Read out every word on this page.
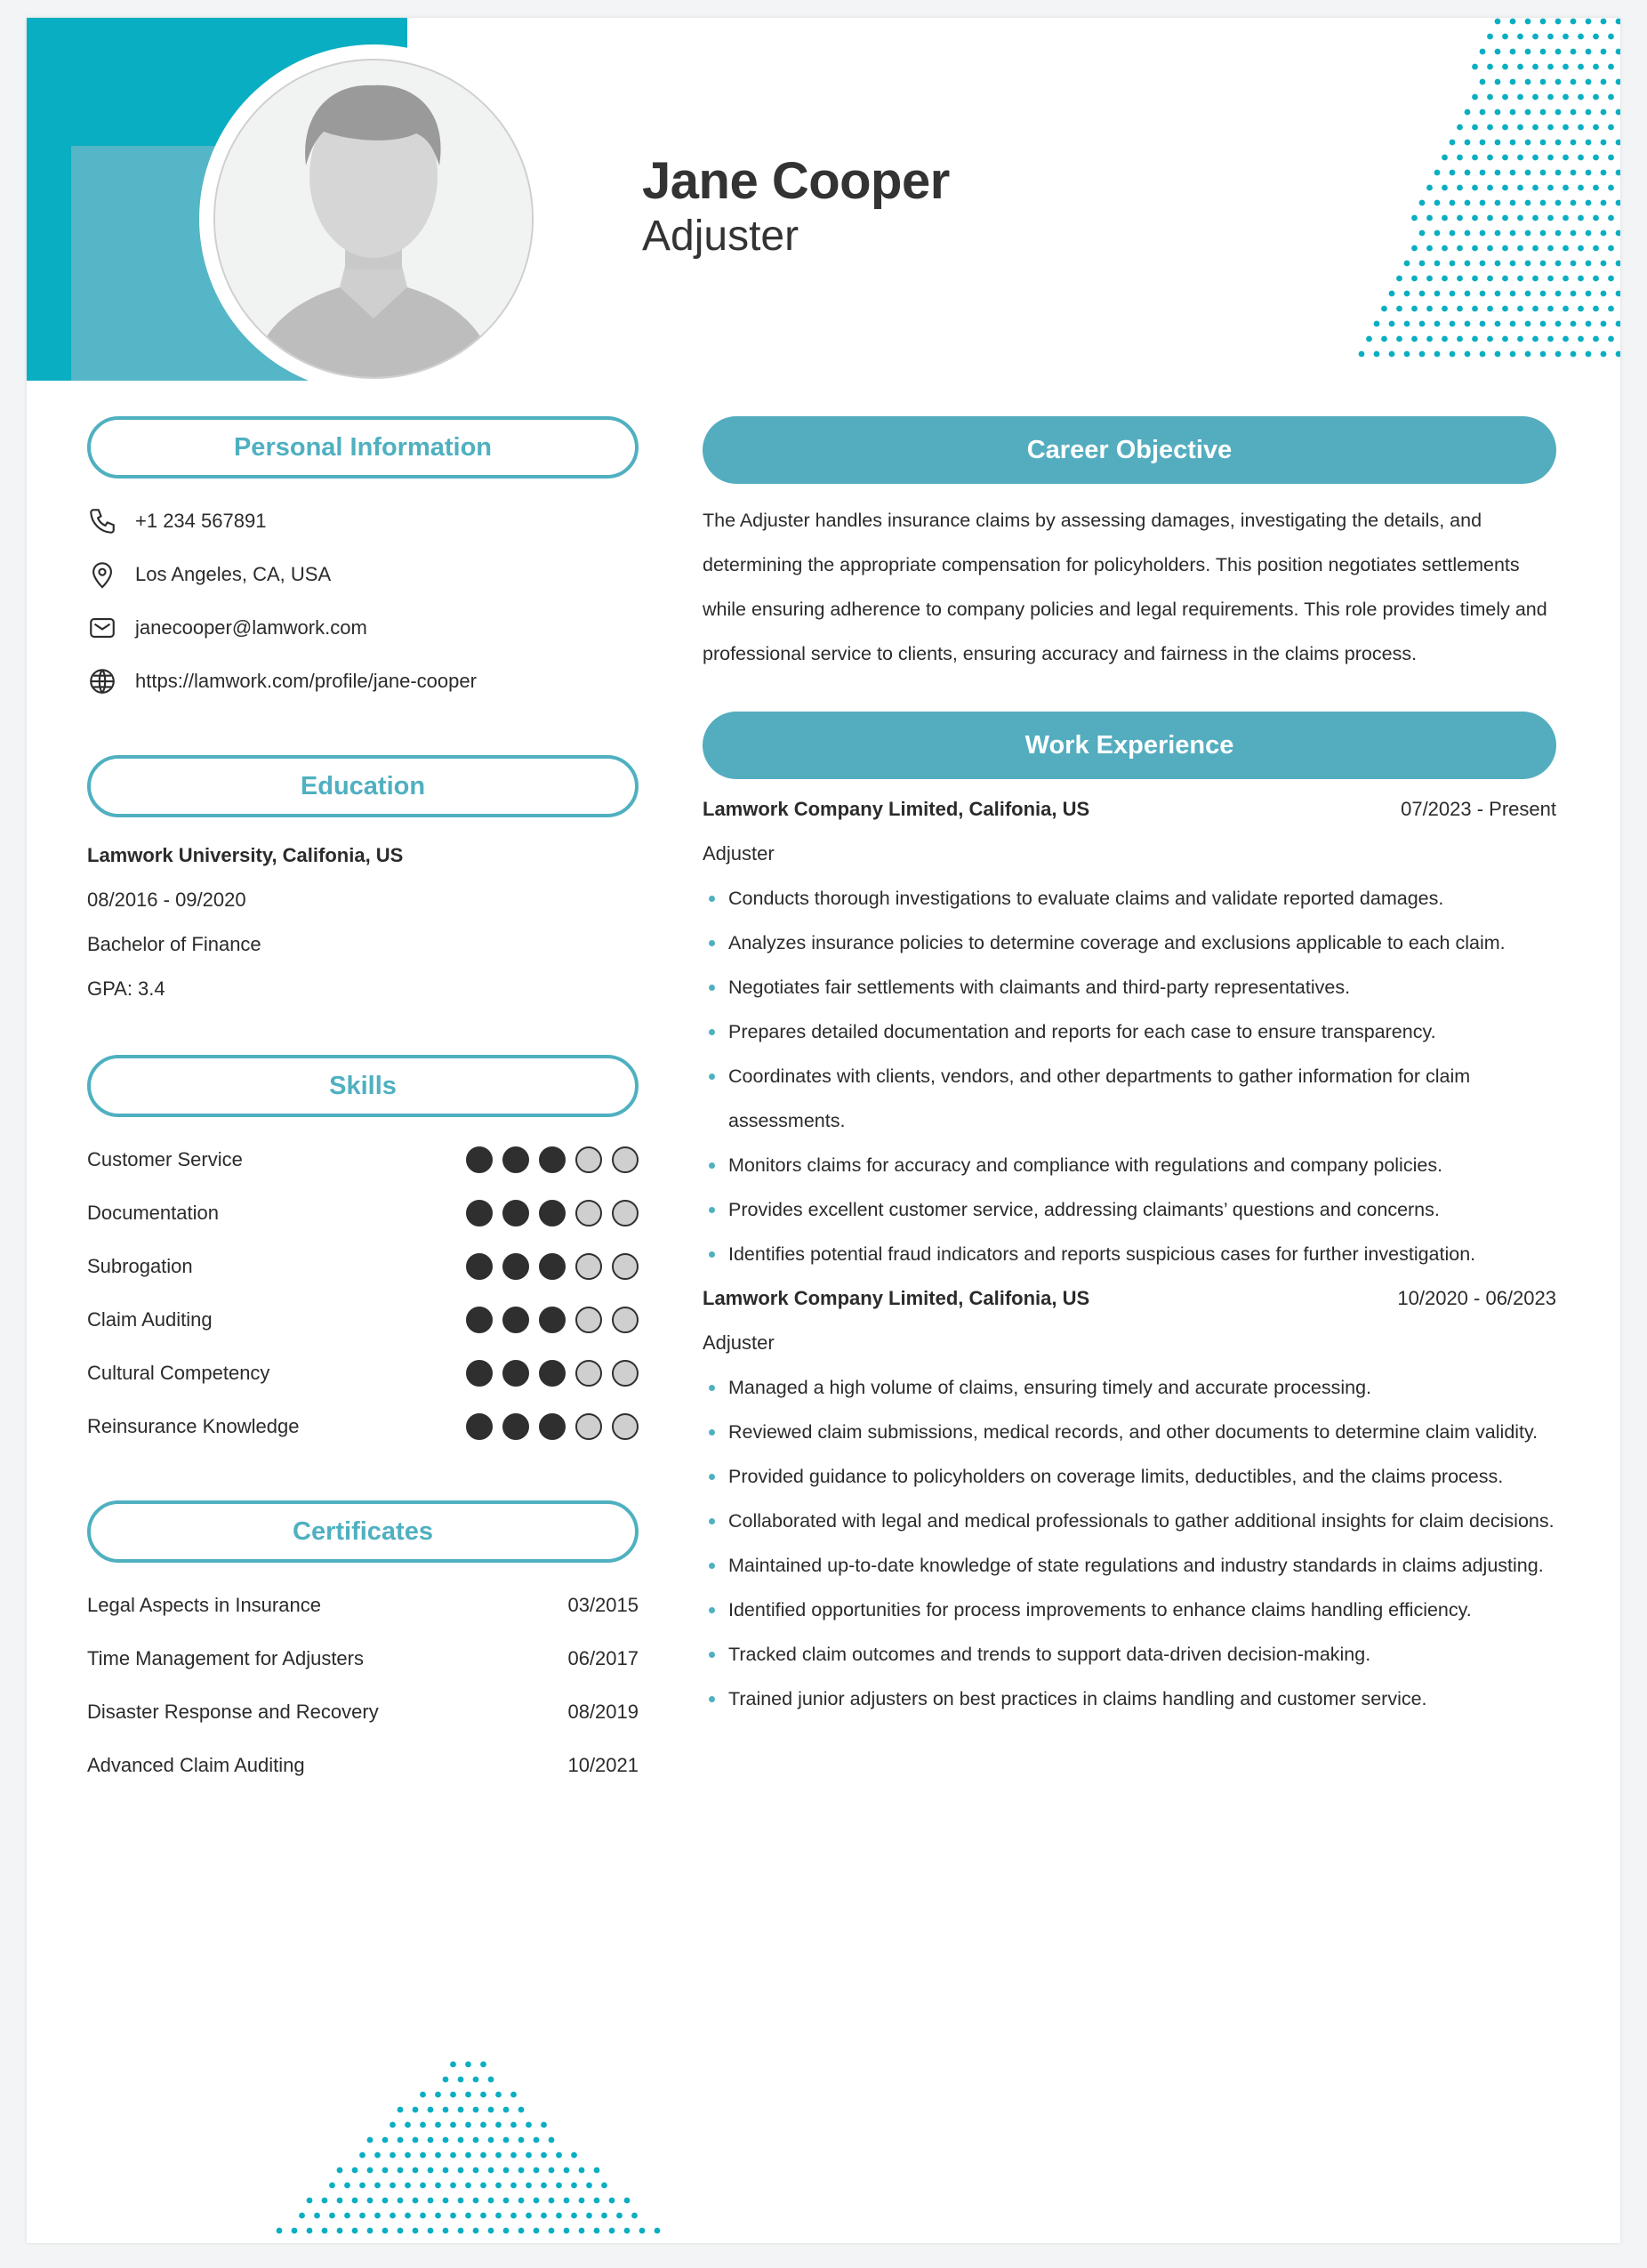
Jane Cooper
Adjuster
Personal Information
+1 234 567891
Los Angeles, CA, USA
janecooper@lamwork.com
https://lamwork.com/profile/jane-cooper
Education
Lamwork University, Califonia, US
08/2016 - 09/2020
Bachelor of Finance
GPA: 3.4
Skills
Customer Service
Documentation
Subrogation
Claim Auditing
Cultural Competency
Reinsurance Knowledge
Certificates
Legal Aspects in Insurance	03/2015
Time Management for Adjusters	06/2017
Disaster Response and Recovery	08/2019
Advanced Claim Auditing	10/2021
Career Objective

The Adjuster handles insurance claims by assessing damages, investigating the details, and determining the appropriate compensation for policyholders. This position negotiates settlements while ensuring adherence to company policies and legal requirements. This role provides timely and professional service to clients, ensuring accuracy and fairness in the claims process.

Work Experience
Lamwork Company Limited, Califonia, US	07/2023 - Present
Adjuster
Conducts thorough investigations to evaluate claims and validate reported damages.
Analyzes insurance policies to determine coverage and exclusions applicable to each claim.
Negotiates fair settlements with claimants and third-party representatives.
Prepares detailed documentation and reports for each case to ensure transparency.
Coordinates with clients, vendors, and other departments to gather information for claim assessments.
Monitors claims for accuracy and compliance with regulations and company policies.
Provides excellent customer service, addressing claimants’ questions and concerns.
Identifies potential fraud indicators and reports suspicious cases for further investigation.
Lamwork Company Limited, Califonia, US	10/2020 - 06/2023
Adjuster
Managed a high volume of claims, ensuring timely and accurate processing.
Reviewed claim submissions, medical records, and other documents to determine claim validity.
Provided guidance to policyholders on coverage limits, deductibles, and the claims process.
Collaborated with legal and medical professionals to gather additional insights for claim decisions.
Maintained up-to-date knowledge of state regulations and industry standards in claims adjusting.
Identified opportunities for process improvements to enhance claims handling efficiency.
Tracked claim outcomes and trends to support data-driven decision-making.
Trained junior adjusters on best practices in claims handling and customer service.
